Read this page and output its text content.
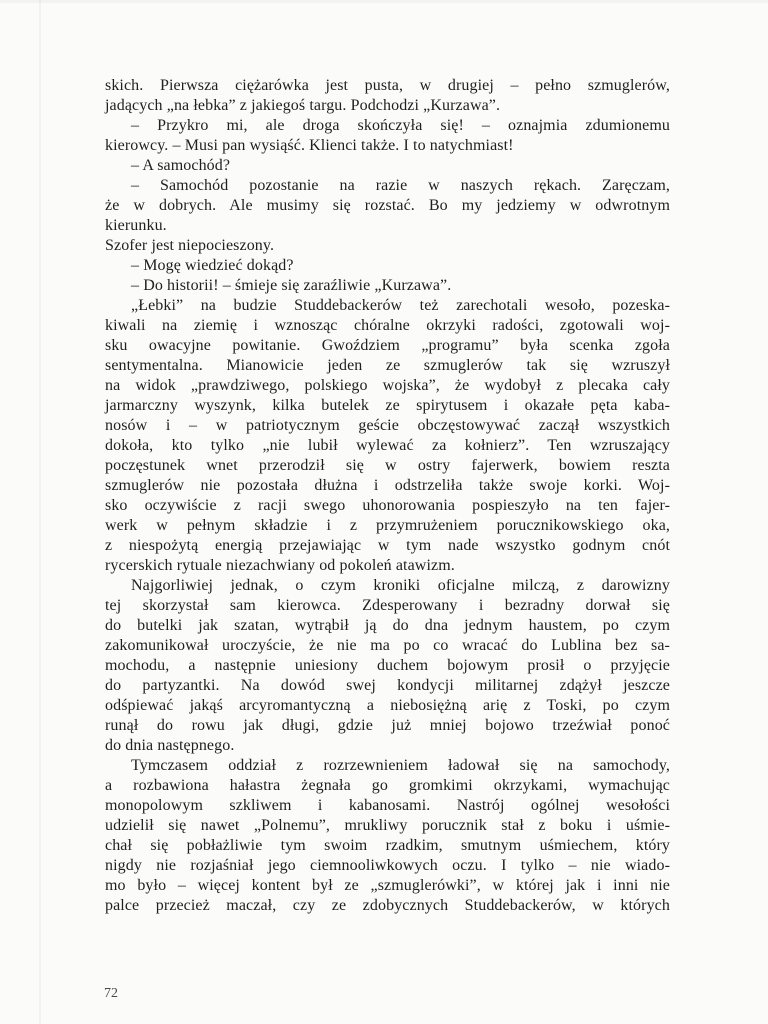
skich. Pierwsza ciężarówka jest pusta, w drugiej – pełno szmuglerów,
jadących „na łebka” z jakiegoś targu. Podchodzi „Kurzawa”.
– Przykro mi, ale droga skończyła się! – oznajmia zdumionemu
kierowcy. – Musi pan wysiąść. Klienci także. I to natychmiast!
– A samochód?
– Samochód pozostanie na razie w naszych rękach. Zaręczam,
że w dobrych. Ale musimy się rozstać. Bo my jedziemy w odwrotnym
kierunku.
Szofer jest niepocieszony.
– Mogę wiedzieć dokąd?
– Do historii! – śmieje się zaraźliwie „Kurzawa”.
„Łebki” na budzie Studdebackerów też zarechotali wesoło, pozeska-
kiwali na ziemię i wznosząc chóralne okrzyki radości, zgotowali woj-
sku owacyjne powitanie. Gwoździem „programu” była scenka zgoła
sentymentalna. Mianowicie jeden ze szmuglerów tak się wzruszył
na widok „prawdziwego, polskiego wojska”, że wydobył z plecaka cały
jarmarczny wyszynk, kilka butelek ze spirytusem i okazałe pęta kaba-
nosów i – w patriotycznym geście obczęstowywać zaczął wszystkich
dokoła, kto tylko „nie lubił wylewać za kołnierz”. Ten wzruszający
poczęstunek wnet przerodził się w ostry fajerwerk, bowiem reszta
szmuglerów nie pozostała dłużna i odstrzeliła także swoje korki. Woj-
sko oczywiście z racji swego uhonorowania pospieszyło na ten fajer-
werk w pełnym składzie i z przymrużeniem porucznikowskiego oka,
z niespożytą energią przejawiając w tym nade wszystko godnym cnót
rycerskich rytuale niezachwiany od pokoleń atawizm.
Najgorliwiej jednak, o czym kroniki oficjalne milczą, z darowizny
tej skorzystał sam kierowca. Zdesperowany i bezradny dorwał się
do butelki jak szatan, wytrąbił ją do dna jednym haustem, po czym
zakomunikował uroczyście, że nie ma po co wracać do Lublina bez sa-
mochodu, a następnie uniesiony duchem bojowym prosił o przyjęcie
do partyzantki. Na dowód swej kondycji militarnej zdążył jeszcze
odśpiewać jakąś arcyromantyczną a niebosiężną arię z Toski, po czym
runął do rowu jak długi, gdzie już mniej bojowo trzeźwiał ponoć
do dnia następnego.
Tymczasem oddział z rozrzewnieniem ładował się na samochody,
a rozbawiona hałastra żegnała go gromkimi okrzykami, wymachując
monopolowym szkliwem i kabanosami. Nastrój ogólnej wesołości
udzielił się nawet „Polnemu”, mrukliwy porucznik stał z boku i uśmie-
chał się pobłażliwie tym swoim rzadkim, smutnym uśmiechem, który
nigdy nie rozjaśniał jego ciemnooliwkowych oczu. I tylko – nie wiado-
mo było – więcej kontent był ze „szmuglerówki”, w której jak i inni nie
palce przecież maczał, czy ze zdobycznych Studdebackerów, w których
72
